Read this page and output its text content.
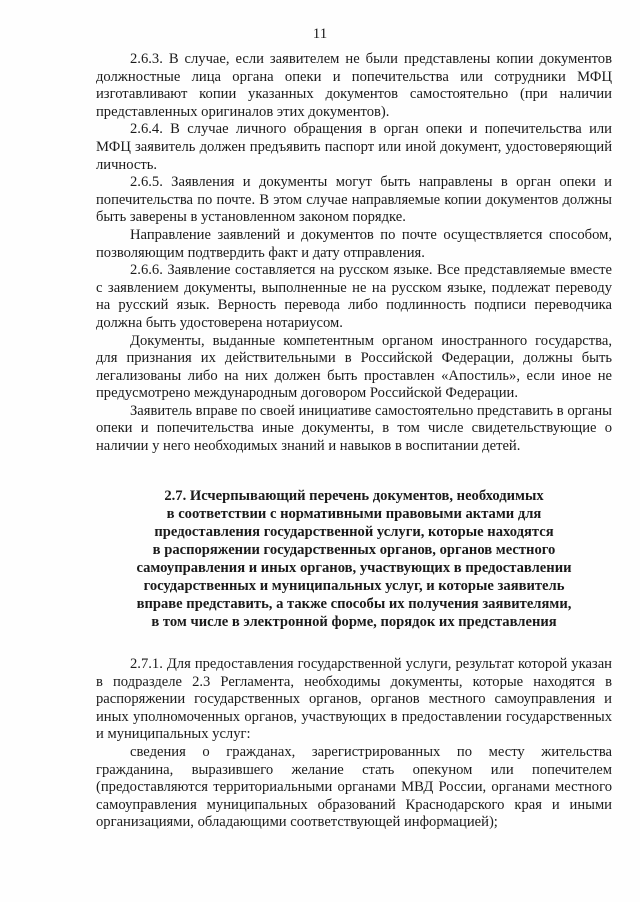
11

2.6.3. В случае, если заявителем не были представлены копии документов должностные лица органа опеки и попечительства или сотрудники МФЦ изготавливают копии указанных документов самостоятельно (при наличии представленных оригиналов этих документов).

2.6.4. В случае личного обращения в орган опеки и попечительства или МФЦ заявитель должен предъявить паспорт или иной документ, удостоверяющий личность.

2.6.5. Заявления и документы могут быть направлены в орган опеки и попечительства по почте. В этом случае направляемые копии документов должны быть заверены в установленном законом порядке.

Направление заявлений и документов по почте осуществляется способом, позволяющим подтвердить факт и дату отправления.

2.6.6. Заявление составляется на русском языке. Все представляемые вместе с заявлением документы, выполненные не на русском языке, подлежат переводу на русский язык. Верность перевода либо подлинность подписи переводчика должна быть удостоверена нотариусом.

Документы, выданные компетентным органом иностранного государства, для признания их действительными в Российской Федерации, должны быть легализованы либо на них должен быть проставлен «Апостиль», если иное не предусмотрено международным договором Российской Федерации.

Заявитель вправе по своей инициативе самостоятельно представить в органы опеки и попечительства иные документы, в том числе свидетельствующие о наличии у него необходимых знаний и навыков в воспитании детей.

2.7. Исчерпывающий перечень документов, необходимых
в соответствии с нормативными правовыми актами для
предоставления государственной услуги, которые находятся
в распоряжении государственных органов, органов местного
самоуправления и иных органов, участвующих в предоставлении
государственных и муниципальных услуг, и которые заявитель
вправе представить, а также способы их получения заявителями,
в том числе в электронной форме, порядок их представления

2.7.1. Для предоставления государственной услуги, результат которой указан в подразделе 2.3 Регламента, необходимы документы, которые находятся в распоряжении государственных органов, органов местного самоуправления и иных уполномоченных органов, участвующих в предоставлении государственных и муниципальных услуг:

сведения о гражданах, зарегистрированных по месту жительства гражданина, выразившего желание стать опекуном или попечителем (предоставляются территориальными органами МВД России, органами местного самоуправления муниципальных образований Краснодарского края и иными организациями, обладающими соответствующей информацией);
